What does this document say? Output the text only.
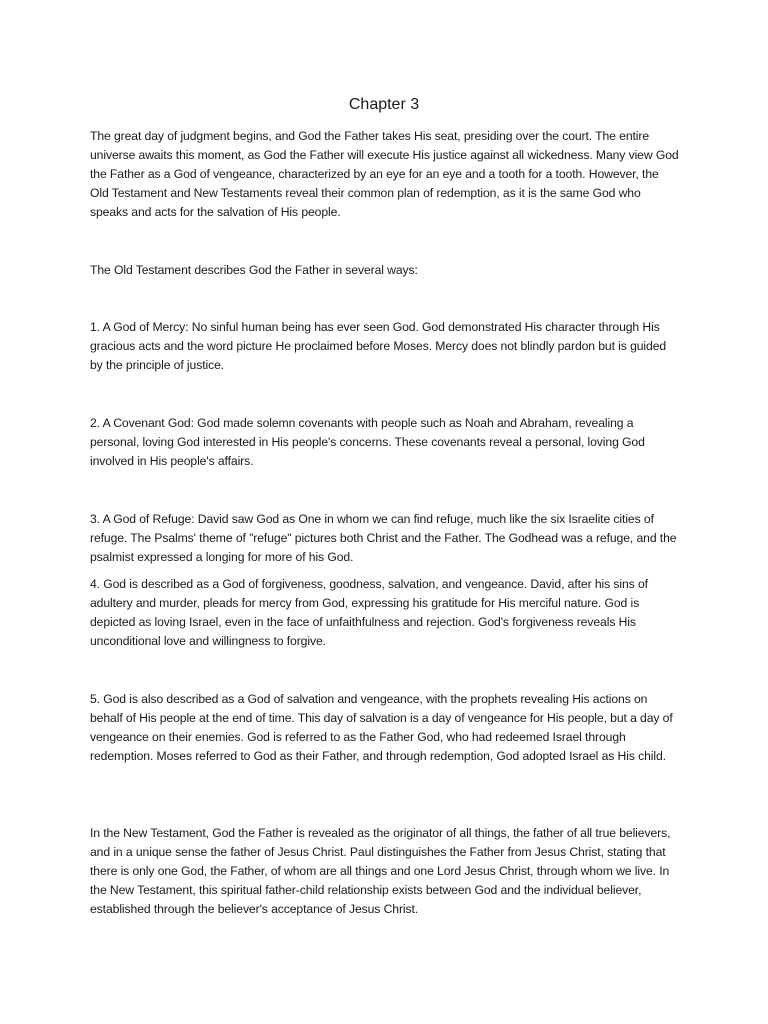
Chapter 3

The great day of judgment begins, and God the Father takes His seat, presiding over the court. The entire universe awaits this moment, as God the Father will execute His justice against all wickedness. Many view God the Father as a God of vengeance, characterized by an eye for an eye and a tooth for a tooth. However, the Old Testament and New Testaments reveal their common plan of redemption, as it is the same God who speaks and acts for the salvation of His people.

The Old Testament describes God the Father in several ways:

1. A God of Mercy: No sinful human being has ever seen God. God demonstrated His character through His gracious acts and the word picture He proclaimed before Moses. Mercy does not blindly pardon but is guided by the principle of justice.

2. A Covenant God: God made solemn covenants with people such as Noah and Abraham, revealing a personal, loving God interested in His people's concerns. These covenants reveal a personal, loving God involved in His people's affairs.

3. A God of Refuge: David saw God as One in whom we can find refuge, much like the six Israelite cities of refuge. The Psalms' theme of "refuge" pictures both Christ and the Father. The Godhead was a refuge, and the psalmist expressed a longing for more of his God.

4. God is described as a God of forgiveness, goodness, salvation, and vengeance. David, after his sins of adultery and murder, pleads for mercy from God, expressing his gratitude for His merciful nature. God is depicted as loving Israel, even in the face of unfaithfulness and rejection. God's forgiveness reveals His unconditional love and willingness to forgive.

5. God is also described as a God of salvation and vengeance, with the prophets revealing His actions on behalf of His people at the end of time. This day of salvation is a day of vengeance for His people, but a day of vengeance on their enemies. God is referred to as the Father God, who had redeemed Israel through redemption. Moses referred to God as their Father, and through redemption, God adopted Israel as His child.

In the New Testament, God the Father is revealed as the originator of all things, the father of all true believers, and in a unique sense the father of Jesus Christ. Paul distinguishes the Father from Jesus Christ, stating that there is only one God, the Father, of whom are all things and one Lord Jesus Christ, through whom we live. In the New Testament, this spiritual father-child relationship exists between God and the individual believer, established through the believer's acceptance of Jesus Christ.
